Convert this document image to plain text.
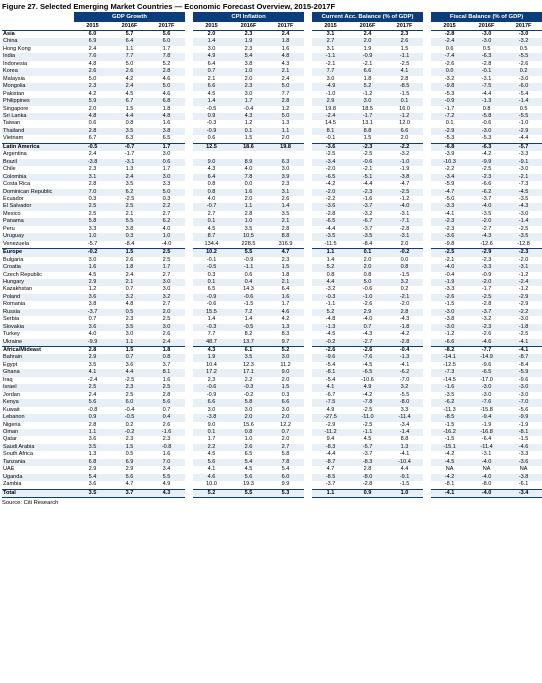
Figure 27. Selected Emerging Market Countries — Economic Forecast Overview, 2015-2017F
	GDP Growth				CPI Inflation				Current Acc. Balance (% of GDP)				Fiscal Balance (% of GDP)		
	2015	2016F	2017F		2015	2016F	2017F		2015	2016F	2017F		2015	2016F	2017F
Asia	6.0	5.7	5.6		2.0	2.3	2.4		3.1	2.4	2.3		-2.8	-3.0	-3.0
China	6.9	6.4	6.0		1.4	1.9	1.8		2.7	2.0	2.6		-2.4	-3.0	-3.2
Hong Kong	2.4	1.1	1.7		3.0	2.3	1.6		3.1	1.9	1.5		0.6	0.5	0.5
India	7.6	7.7	7.8		4.9	5.4	4.8		-1.1	-0.9	-1.1		-7.4	-6.3	-5.5
Indonesia	4.8	5.0	5.2		6.4	3.8	4.3		-2.1	-2.1	-2.5		-2.6	-2.8	-2.6
Korea	2.6	2.6	2.8		0.7	1.0	2.1		7.7	6.6	4.1		0.0	-0.1	0.2
Malaysia	5.0	4.2	4.6		2.1	2.0	2.4		3.0	1.8	2.8		-3.2	-3.1	-3.0
Mongolia	2.3	2.4	5.0		6.6	2.3	5.0		-4.9	5.2	-8.5		-9.8	-7.5	-6.0
Pakistan	4.2	4.5	4.6		4.5	3.0	7.7		-1.0	-1.2	-1.5		-5.3	-4.4	-5.4
Philippines	5.9	6.7	6.8		1.4	1.7	2.8		2.9	3.0	0.1		-0.9	-1.3	-1.4
Singapore	2.0	1.5	1.8		-0.5	-0.4	1.2		19.8	18.5	16.0		-1.7	0.8	0.5
Sri Lanka	4.8	4.4	4.8		0.9	4.3	5.0		-2.4	-1.7	-1.2		-7.2	-5.8	-5.5
Taiwan	0.6	0.8	1.6		-0.3	1.2	1.3		14.5	13.1	12.0		0.1	-0.6	-1.0
Thailand	2.8	3.5	3.8		-0.9	0.1	1.1		8.1	8.8	6.6		-2.9	-3.0	-2.9
Vietnam	6.7	6.3	6.5		0.6	1.5	2.0		-0.1	1.5	2.0		-5.3	-5.3	-4.4
Latin America	-0.5	-0.7	1.7		12.5	18.6	19.8		-3.6	-2.3	-2.2		-6.8	-6.3	-5.7
Argentina	2.4	-1.7	3.0						-2.5	-2.5	-3.2		-3.9	-4.2	-3.3
Brazil	-3.8	-3.1	0.6		9.0	8.9	6.3		-3.4	-0.6	-1.0		-10.3	-9.9	-9.1
Chile	2.3	1.3	1.7		4.3	4.0	3.0		-2.0	-2.1	-1.9		-2.2	-2.5	-3.0
Colombia	3.1	2.4	3.0		6.4	7.8	3.9		-6.5	-5.1	-3.8		-3.4	-2.3	-2.1
Costa Rica	2.8	3.5	3.3		0.8	0.0	2.3		-4.2	-4.4	-4.7		-5.9	-6.6	-7.3
Dominican Republic	7.0	6.2	5.0		0.8	1.6	3.1		-2.0	-2.3	-2.5		-4.7	-6.2	-4.5
Ecuador	0.3	-2.5	0.3		4.0	2.0	2.6		-2.2	-1.6	-1.2		-5.0	-3.7	-3.5
El Salvador	2.5	2.5	2.2		-0.7	1.1	1.4		-3.6	-3.7	-4.0		-3.3	-4.0	-4.3
Mexico	2.5	2.1	2.7		2.7	2.8	3.5		-2.8	-3.2	-3.1		-4.1	-3.5	-3.0
Panama	5.8	5.5	6.2		0.1	1.0	2.1		-6.5	-6.7	-7.1		-2.3	-2.0	-1.4
Peru	3.3	3.8	4.0		4.5	3.5	2.8		-4.4	-3.7	-2.8		-2.3	-2.7	-2.5
Uruguay	1.0	0.3	1.0		8.7	10.5	8.8		-3.5	-3.5	-3.1		-3.6	-4.3	-3.5
Venezuela	-5.7	-8.4	-4.0		134.4	228.5	316.9		-11.5	-8.4	2.0		-9.8	-12.6	-12.8
Europe	-0.2	1.5	2.5		10.2	5.5	4.7		1.1	0.1	-0.2		-2.5	-2.9	-2.3
Bulgaria	3.0	2.6	2.5		-0.1	-0.9	2.3		1.4	2.0	0.0		-2.1	-2.3	-2.0
Croatia	1.6	1.8	1.7		-0.5	-1.1	1.5		5.2	2.0	0.8		-4.0	-3.3	-3.1
Czech Republic	4.5	2.4	2.7		0.3	0.6	1.8		0.8	0.8	-1.5		-0.4	-0.9	-1.2
Hungary	2.9	2.1	3.0		0.1	0.4	2.1		4.4	5.0	3.2		-1.9	-2.0	-2.4
Kazakhstan	1.2	0.7	3.0		6.5	14.3	6.4		-3.2	-0.6	0.2		-3.3	-1.7	-1.2
Poland	3.6	3.2	3.2		-0.9	-0.6	1.6		-0.3	-1.0	-2.1		-2.6	-2.5	-2.9
Romania	3.8	4.8	2.7		-0.6	-1.5	1.7		-1.1	-2.6	-2.0		-1.5	-2.8	-2.9
Russia	-3.7	0.5	2.0		15.5	7.2	4.6		5.2	2.9	2.8		-3.0	-3.7	-2.2
Serbia	0.7	2.3	2.5		1.4	1.4	4.2		-4.8	-4.0	-4.3		-3.8	-3.2	-3.0
Slovakia	3.6	3.5	3.0		-0.3	-0.5	1.3		-1.3	0.7	-1.8		-3.0	-2.3	-1.8
Turkey	4.0	3.0	2.6		7.7	8.2	8.3		-4.5	-4.3	-4.2		-1.2	-2.6	-2.5
Ukraine	-9.9	1.1	2.4		48.7	13.7	9.7		-0.2	-2.7	-2.8		-6.6	-4.6	-4.1
Africa/Mideast	2.8	1.5	1.8		4.3	6.1	5.2		-2.6	-2.6	-0.4		-8.2	-7.7	-4.1
Bahrain	2.9	0.7	0.8		1.9	3.5	3.0		-9.6	-7.6	-1.3		-14.1	-14.9	-8.7
Egypt	3.5	3.6	3.7		10.4	12.3	11.2		-5.4	-4.5	-4.1		-12.5	-9.6	-8.4
Ghana	4.1	4.4	8.1		17.2	17.1	9.0		-8.1	-6.5	-6.2		-7.3	-6.5	-5.9
Iraq	-2.4	-2.5	1.6		2.3	2.2	2.0		-5.4	-10.6	-7.0		-14.5	-17.0	-9.6
Israel	2.5	2.3	2.5		-0.6	-0.3	1.5		4.1	4.9	3.2		-1.6	-3.0	-3.0
Jordan	2.4	2.5	2.8		-0.9	-0.2	0.3		-6.7	-4.2	-5.5		-3.5	-3.0	-3.0
Kenya	5.6	6.0	5.6		6.6	5.8	6.6		-7.5	-7.8	-8.0		-6.2	-7.6	-7.0
Kuwait	-0.8	-0.4	0.7		3.0	3.0	3.0		4.9	-2.5	3.3		-11.3	-15.8	-5.6
Lebanon	0.9	-0.5	0.4		-3.8	2.0	2.0		-27.5	-11.0	-11.4		-8.5	-9.4	-9.9
Nigeria	2.8	0.2	2.6		9.0	15.6	12.2		-2.9	-2.5	-3.4		-1.5	-1.9	-1.9
Oman	1.1	-0.2	-1.6		0.1	0.8	0.7		-11.2	-1.1	-1.4		-16.2	-16.8	-8.1
Qatar	3.6	2.3	2.3		1.7	1.0	2.0		9.4	4.5	8.8		-1.5	-6.4	-1.5
Saudi Arabia	3.5	1.5	-0.8		2.2	2.6	2.7		-8.3	-5.7	1.3		-15.1	-11.4	-4.6
South Africa	1.3	0.5	1.6		4.5	6.5	5.8		-4.4	-3.7	-4.1		-4.2	-3.1	-3.3
Tanzania	6.8	6.9	7.0		5.6	5.4	7.8		-8.7	-8.3	-10.4		-4.5	-4.0	-3.6
UAE	2.9	2.9	3.4		4.1	4.5	5.4		4.7	2.8	4.4		NA	NA	NA
Uganda	5.4	5.6	5.5		4.6	5.6	6.0		-8.5	-8.0	-9.1		-4.2	-4.0	-3.8
Zambia	3.6	4.7	4.9		10.0	19.3	9.9		-3.7	-2.8	-1.5		-8.1	-8.0	-6.1
Total	3.5	3.7	4.3		5.2	5.5	5.3		1.1	0.9	1.0		-4.1	-4.0	-3.4
Source: Citi Research
